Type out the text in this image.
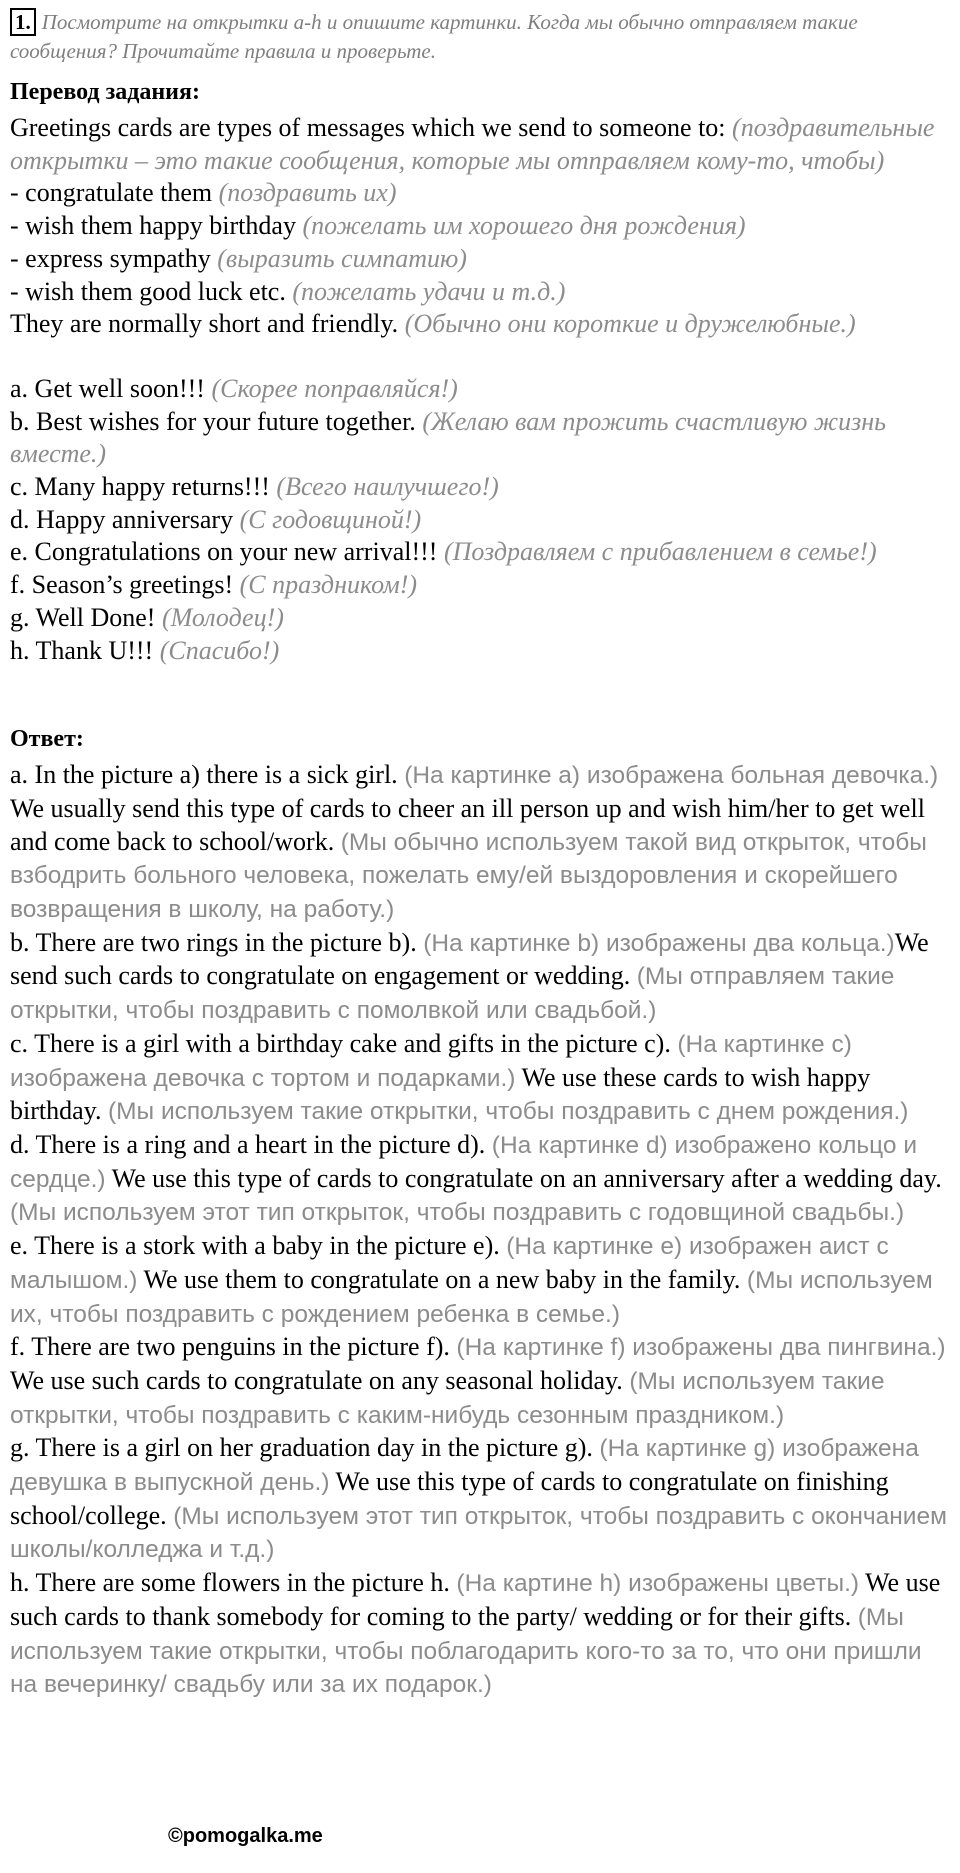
1. Посмотрите на открытки a-h и опишите картинки. Когда мы обычно отправляем такие сообщения? Прочитайте правила и проверьте.

Перевод задания:

Greetings cards are types of messages which we send to someone to: (поздравительные открытки – это такие сообщения, которые мы отправляем кому-то, чтобы)

- congratulate them (поздравить их)

- wish them happy birthday (пожелать им хорошего дня рождения)

- express sympathy (выразить симпатию)

- wish them good luck etc. (пожелать удачи и т.д.)

They are normally short and friendly. (Обычно они короткие и дружелюбные.)

a. Get well soon!!! (Скорее поправляйся!)

b. Best wishes for your future together. (Желаю вам прожить счастливую жизнь вместе.)

c. Many happy returns!!! (Всего наилучшего!)

d. Happy anniversary (С годовщиной!)

e. Congratulations on your new arrival!!! (Поздравляем с прибавлением в семье!)

f. Season’s greetings! (С праздником!)

g. Well Done! (Молодец!)

h. Thank U!!! (Спасибо!)

Ответ:

a. In the picture a) there is a sick girl. (На картинке a) изображена больная девочка.) We usually send this type of cards to cheer an ill person up and wish him/her to get well and come back to school/work. (Мы обычно используем такой вид открыток, чтобы взбодрить больного человека, пожелать ему/ей выздоровления и скорейшего возвращения в школу, на работу.)

b. There are two rings in the picture b). (На картинке b) изображены два кольца.)We send such cards to congratulate on engagement or wedding. (Мы отправляем такие открытки, чтобы поздравить с помолвкой или свадьбой.)

c. There is a girl with a birthday cake and gifts in the picture c). (На картинке c) изображена девочка с тортом и подарками.) We use these cards to wish happy birthday. (Мы используем такие открытки, чтобы поздравить с днем рождения.)

d. There is a ring and a heart in the picture d). (На картинке d) изображено кольцо и сердце.) We use this type of cards to congratulate on an anniversary after a wedding day. (Мы используем этот тип открыток, чтобы поздравить с годовщиной свадьбы.)

e. There is a stork with a baby in the picture e). (На картинке e) изображен аист с малышом.) We use them to congratulate on a new baby in the family. (Мы используем их, чтобы поздравить с рождением ребенка в семье.)

f. There are two penguins in the picture f). (На картинке f) изображены два пингвина.) We use such cards to congratulate on any seasonal holiday. (Мы используем такие открытки, чтобы поздравить с каким-нибудь сезонным праздником.)

g. There is a girl on her graduation day in the picture g). (На картинке g) изображена девушка в выпускной день.) We use this type of cards to congratulate on finishing school/college. (Мы используем этот тип открыток, чтобы поздравить с окончанием школы/колледжа и т.д.)

h. There are some flowers in the picture h. (На картине h) изображены цветы.) We use such cards to thank somebody for coming to the party/ wedding or for their gifts. (Мы используем такие открытки, чтобы поблагодарить кого-то за то, что они пришли на вечеринку/ свадьбу или за их подарок.)

©pomogalka.me
